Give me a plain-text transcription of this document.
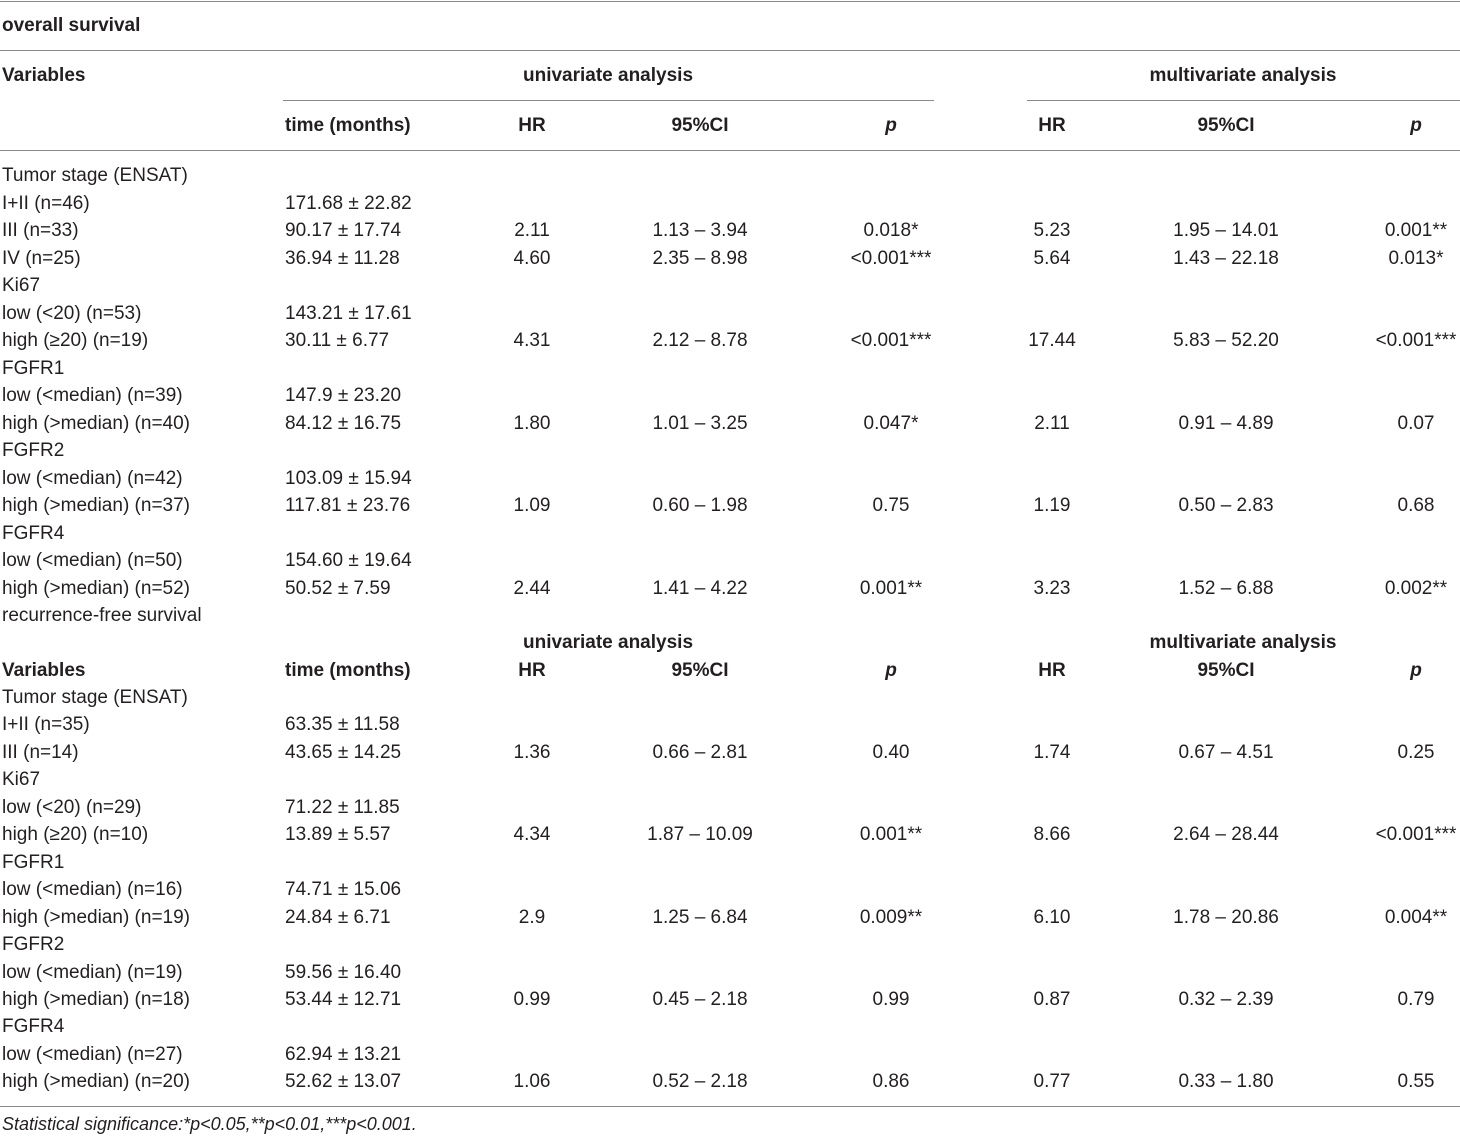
overall survival
Variables	univariate analysis	multivariate analysis
time (months)	HR	95%CI	p	HR	95%CI	p
Tumor stage (ENSAT)
I+II (n=46)	171.68 ± 22.82
III (n=33)	90.17 ± 17.74	2.11	1.13 – 3.94	0.018*	5.23	1.95 – 14.01	0.001**
IV (n=25)	36.94 ± 11.28	4.60	2.35 – 8.98	<0.001***	5.64	1.43 – 22.18	0.013*
Ki67
low (<20) (n=53)	143.21 ± 17.61
high (≥20) (n=19)	30.11 ± 6.77	4.31	2.12 – 8.78	<0.001***	17.44	5.83 – 52.20	<0.001***
FGFR1
low (<median) (n=39)	147.9 ± 23.20
high (>median) (n=40)	84.12 ± 16.75	1.80	1.01 – 3.25	0.047*	2.11	0.91 – 4.89	0.07
FGFR2
low (<median) (n=42)	103.09 ± 15.94
high (>median) (n=37)	117.81 ± 23.76	1.09	0.60 – 1.98	0.75	1.19	0.50 – 2.83	0.68
FGFR4
low (<median) (n=50)	154.60 ± 19.64
high (>median) (n=52)	50.52 ± 7.59	2.44	1.41 – 4.22	0.001**	3.23	1.52 – 6.88	0.002**
recurrence-free survival
univariate analysis	multivariate analysis
Variables	time (months)	HR	95%CI	p	HR	95%CI	p
Tumor stage (ENSAT)
I+II (n=35)	63.35 ± 11.58
III (n=14)	43.65 ± 14.25	1.36	0.66 – 2.81	0.40	1.74	0.67 – 4.51	0.25
Ki67
low (<20) (n=29)	71.22 ± 11.85
high (≥20) (n=10)	13.89 ± 5.57	4.34	1.87 – 10.09	0.001**	8.66	2.64 – 28.44	<0.001***
FGFR1
low (<median) (n=16)	74.71 ± 15.06
high (>median) (n=19)	24.84 ± 6.71	2.9	1.25 – 6.84	0.009**	6.10	1.78 – 20.86	0.004**
FGFR2
low (<median) (n=19)	59.56 ± 16.40
high (>median) (n=18)	53.44 ± 12.71	0.99	0.45 – 2.18	0.99	0.87	0.32 – 2.39	0.79
FGFR4
low (<median) (n=27)	62.94 ± 13.21
high (>median) (n=20)	52.62 ± 13.07	1.06	0.52 – 2.18	0.86	0.77	0.33 – 1.80	0.55
Statistical significance:*p<0.05,**p<0.01,***p<0.001.
